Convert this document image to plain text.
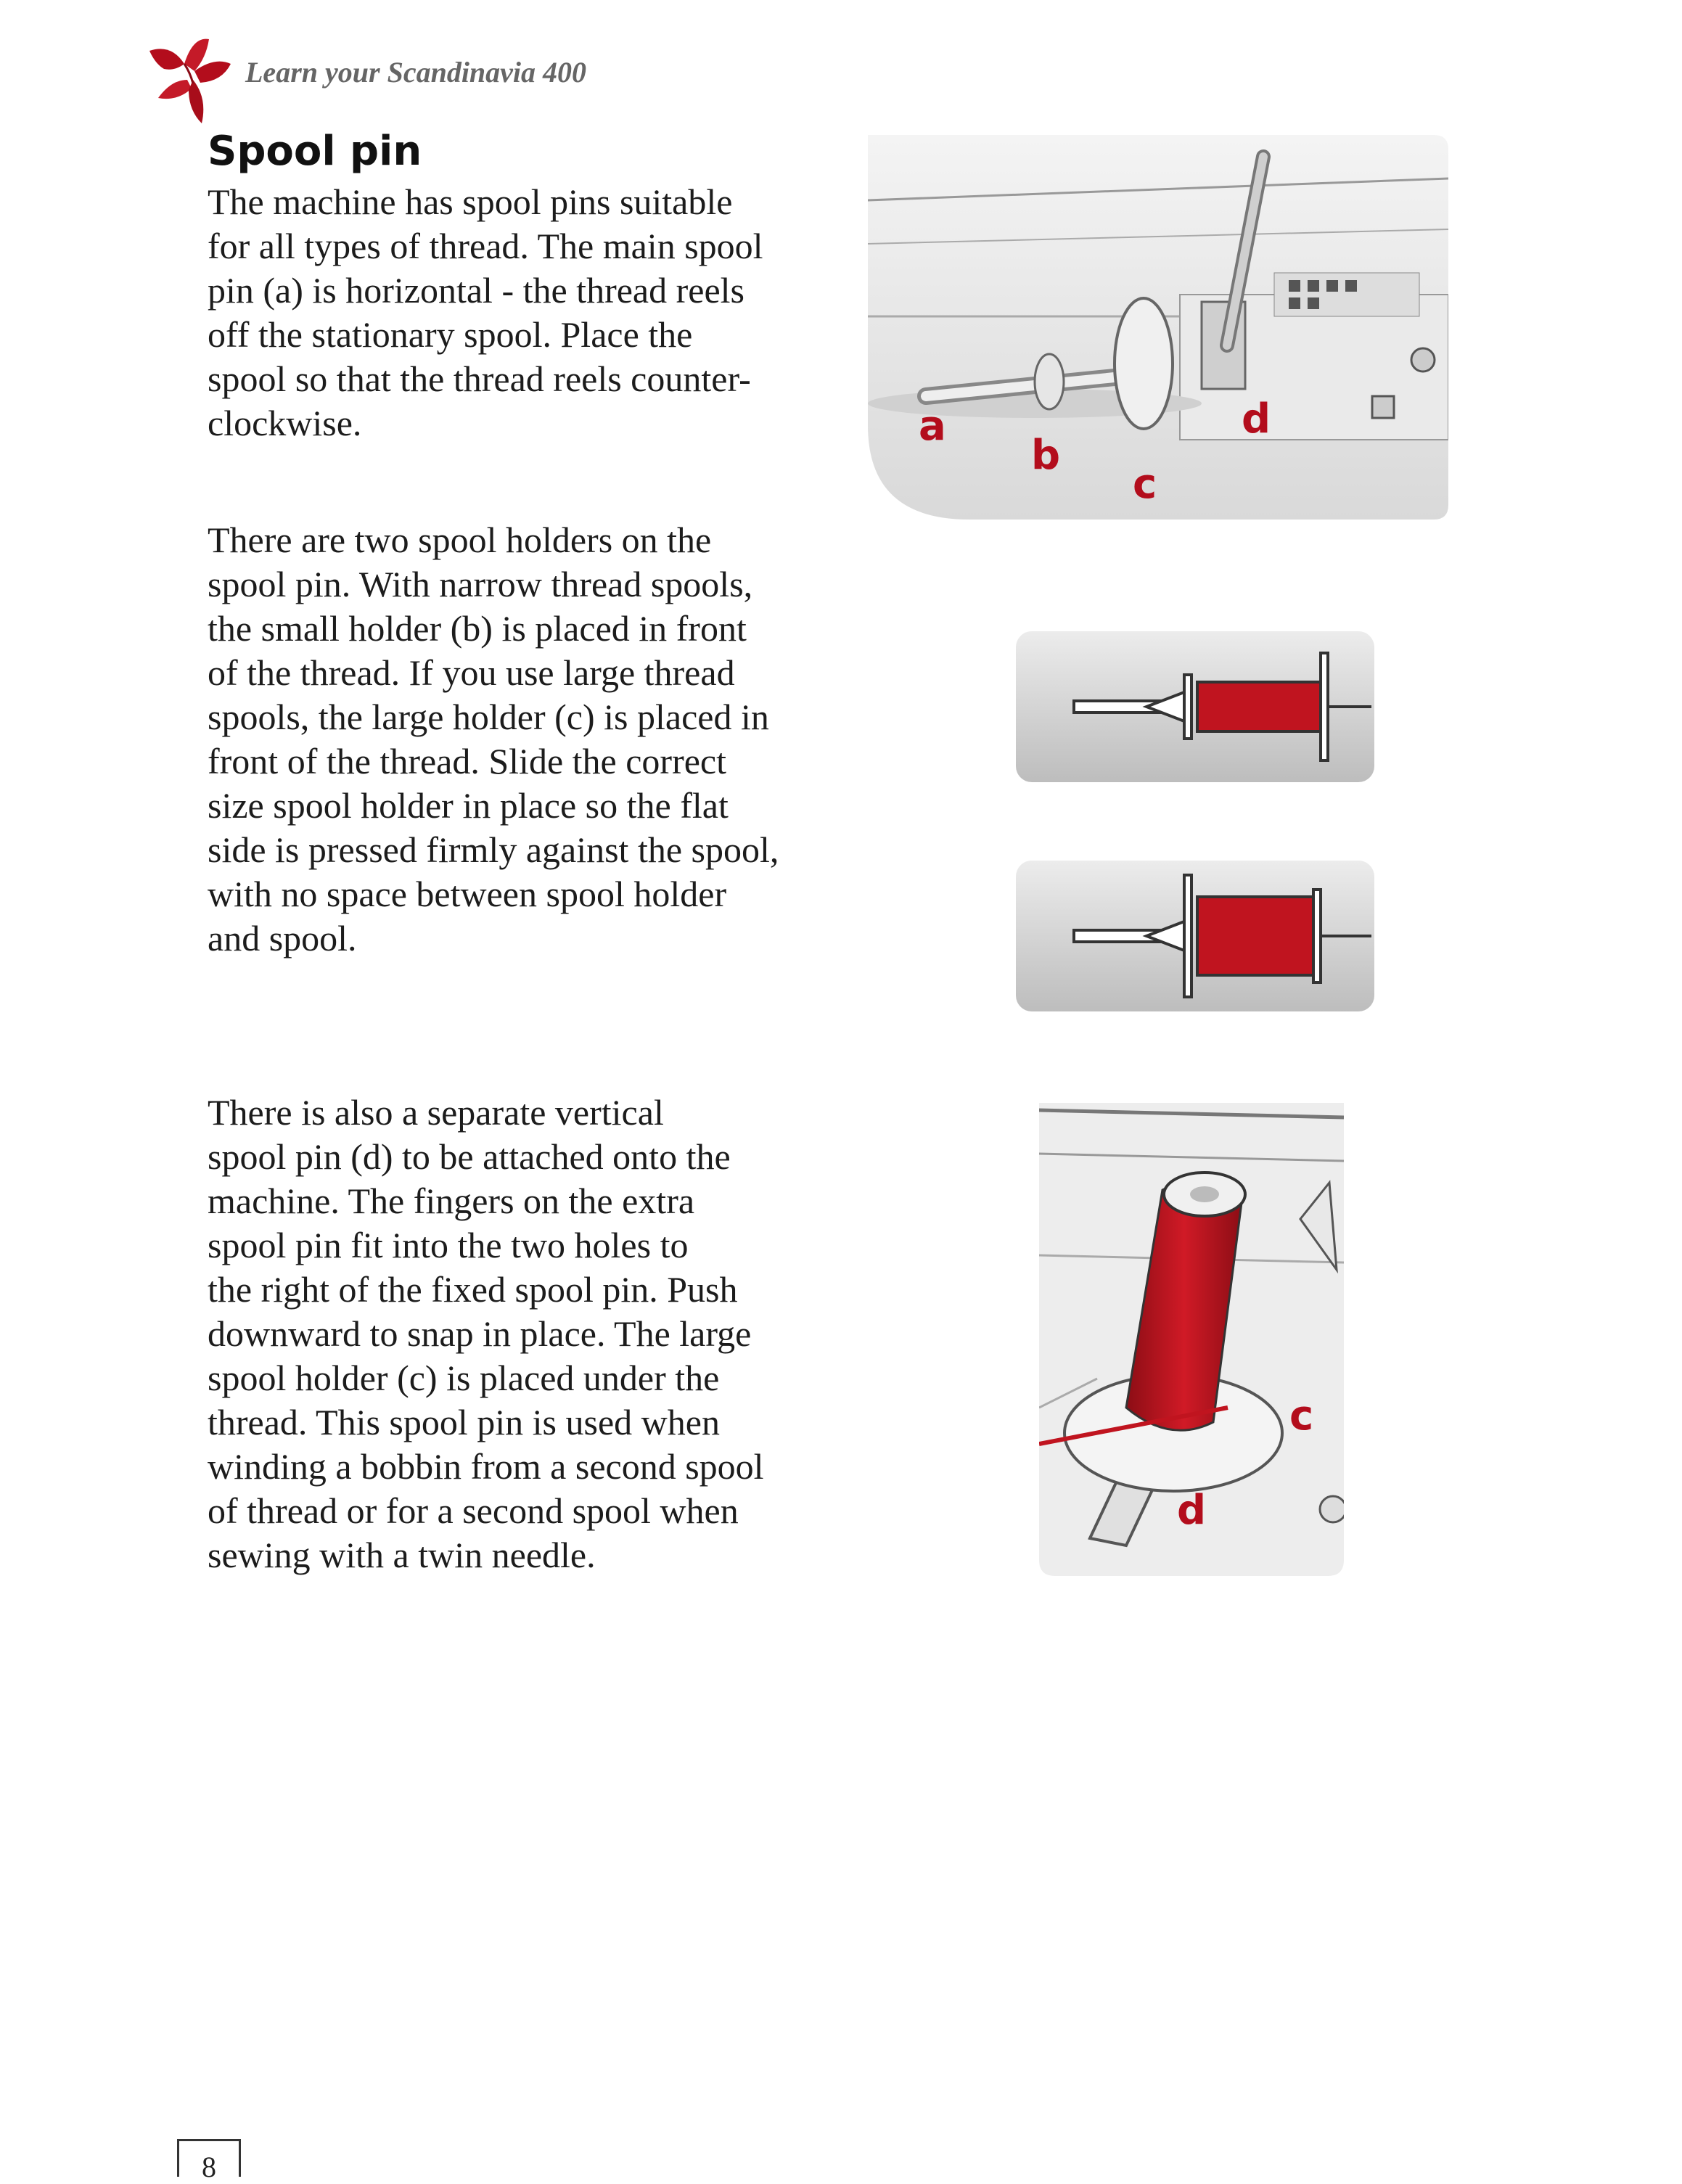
Learn your Scandinavia 400
Spool pin
The machine has spool pins suitable
for all types of thread. The main spool
pin (a) is horizontal - the thread reels
off the stationary spool. Place the
spool so that the thread reels counter-
clockwise.
There are two spool holders on the
spool pin. With narrow thread spools,
the small holder (b) is placed in front
of the thread. If you use large thread
spools, the large holder (c) is placed in
front of the thread. Slide the correct
size spool holder in place so the flat
side is pressed firmly against the spool,
with no space between spool holder
and spool.
There is also a separate vertical
spool pin (d) to be attached onto the
machine. The fingers on the extra
spool pin fit into the two holes to
the right of the fixed spool pin. Push
downward to snap in place. The large
spool holder (c) is placed under the
thread. This spool pin is used when
winding a bobbin from a second spool
of thread or for a second spool when
sewing with a twin needle.
a
b
c
d
c
d
8
